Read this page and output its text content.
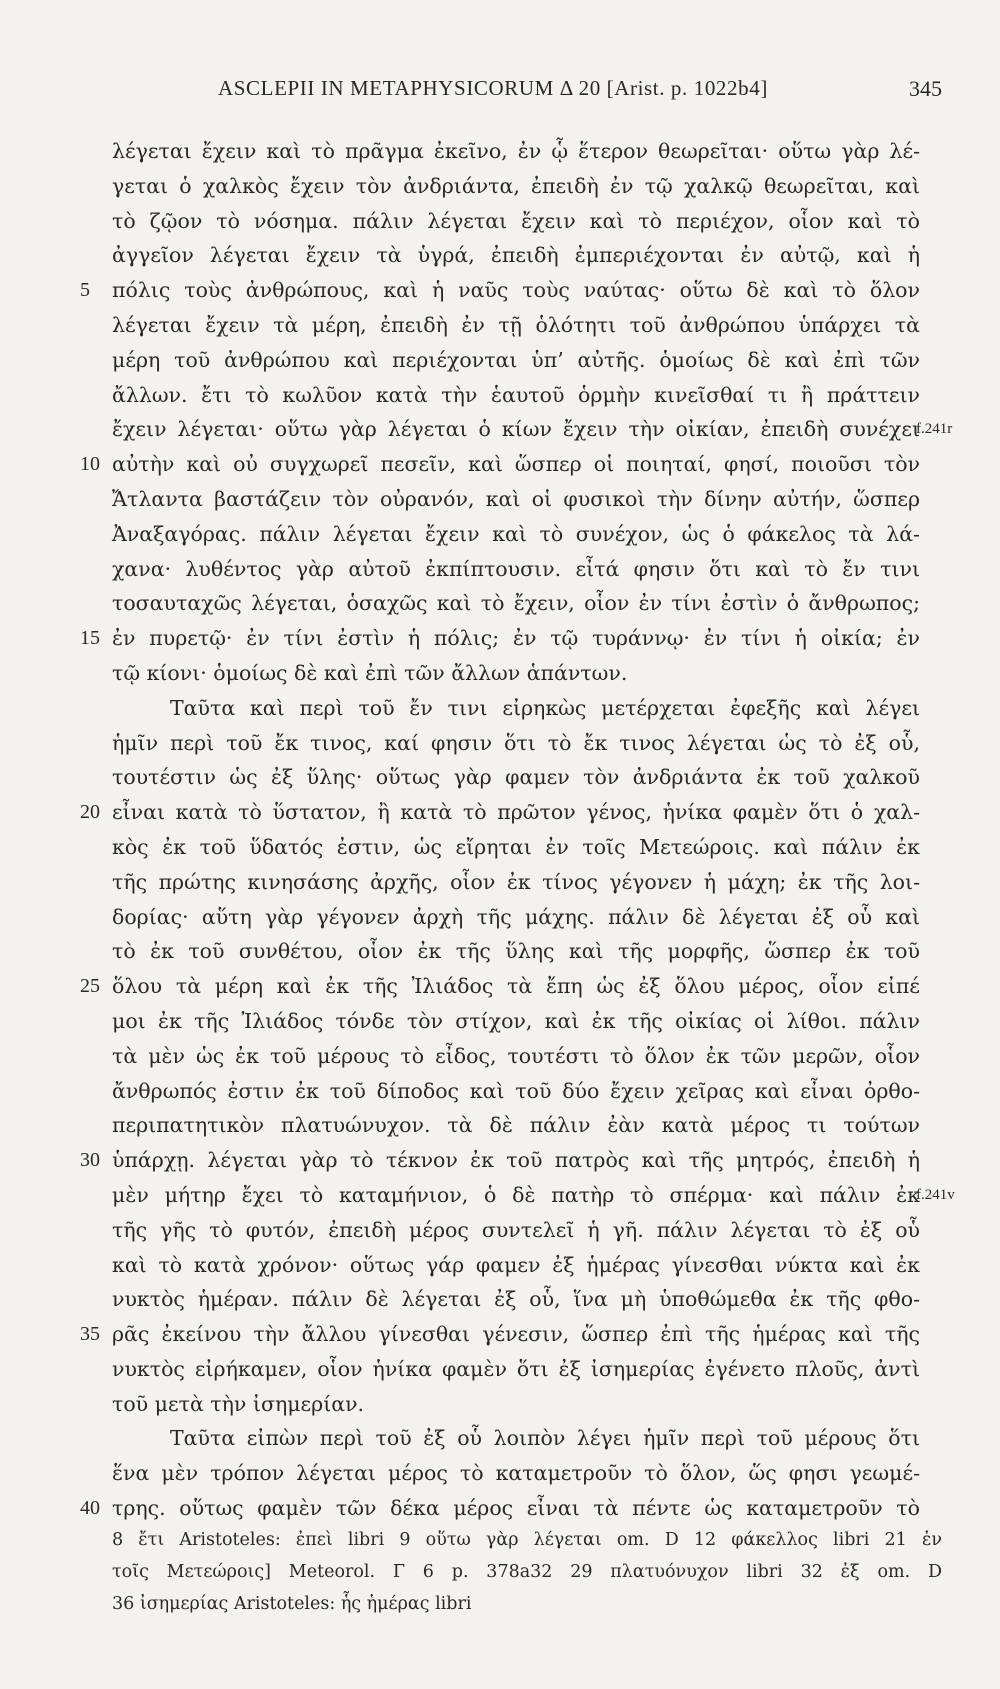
ASCLEPII IN METAPHYSICORUM Δ 20 [Arist. p. 1022b4]	345
λέγεται ἔχειν καὶ τὸ πρᾶγμα ἐκεῖνο, ἐν ᾧ ἕτερον θεωρεῖται· οὕτω γὰρ λέ-
γεται ὁ χαλκὸς ἔχειν τὸν ἀνδριάντα, ἐπειδὴ ἐν τῷ χαλκῷ θεωρεῖται, καὶ
τὸ ζῷον τὸ νόσημα. πάλιν λέγεται ἔχειν καὶ τὸ περιέχον, οἷον καὶ τὸ
ἀγγεῖον λέγεται ἔχειν τὰ ὑγρά, ἐπειδὴ ἐμπεριέχονται ἐν αὐτῷ, καὶ ἡ
5	πόλις τοὺς ἀνθρώπους, καὶ ἡ ναῦς τοὺς ναύτας· οὕτω δὲ καὶ τὸ ὅλον
λέγεται ἔχειν τὰ μέρη, ἐπειδὴ ἐν τῇ ὁλότητι τοῦ ἀνθρώπου ὑπάρχει τὰ
μέρη τοῦ ἀνθρώπου καὶ περιέχονται ὑπ’ αὐτῆς. ὁμοίως δὲ καὶ ἐπὶ τῶν
ἄλλων. ἔτι τὸ κωλῦον κατὰ τὴν ἑαυτοῦ ὁρμὴν κινεῖσθαί τι ἢ πράττειν
ἔχειν λέγεται· οὕτω γὰρ λέγεται ὁ κίων ἔχειν τὴν οἰκίαν, ἐπειδὴ συνέχει
f.241r
10 αὐτὴν καὶ οὐ συγχωρεῖ πεσεῖν, καὶ ὥσπερ οἱ ποιηταί, φησί, ποιοῦσι τὸν
Ἄτλαντα βαστάζειν τὸν οὐρανόν, καὶ οἱ φυσικοὶ τὴν δίνην αὐτήν, ὥσπερ
Ἀναξαγόρας. πάλιν λέγεται ἔχειν καὶ τὸ συνέχον, ὡς ὁ φάκελος τὰ λά-
χανα· λυθέντος γὰρ αὐτοῦ ἐκπίπτουσιν. εἶτά φησιν ὅτι καὶ τὸ ἔν τινι
τοσαυταχῶς λέγεται, ὁσαχῶς καὶ τὸ ἔχειν, οἷον ἐν τίνι ἐστὶν ὁ ἄνθρωπος;
15 ἐν πυρετῷ· ἐν τίνι ἐστὶν ἡ πόλις; ἐν τῷ τυράννῳ· ἐν τίνι ἡ οἰκία; ἐν
τῷ κίονι· ὁμοίως δὲ καὶ ἐπὶ τῶν ἄλλων ἁπάντων.
Ταῦτα καὶ περὶ τοῦ ἔν τινι εἰρηκὼς μετέρχεται ἐφεξῆς καὶ λέγει
ἡμῖν περὶ τοῦ ἔκ τινος, καί φησιν ὅτι τὸ ἔκ τινος λέγεται ὡς τὸ ἐξ οὗ,
τουτέστιν ὡς ἐξ ὕλης· οὕτως γὰρ φαμεν τὸν ἀνδριάντα ἐκ τοῦ χαλκοῦ
20 εἶναι κατὰ τὸ ὕστατον, ἢ κατὰ τὸ πρῶτον γένος, ἡνίκα φαμὲν ὅτι ὁ χαλ-
κὸς ἐκ τοῦ ὕδατός ἐστιν, ὡς εἴρηται ἐν τοῖς Μετεώροις. καὶ πάλιν ἐκ
τῆς πρώτης κινησάσης ἀρχῆς, οἷον ἐκ τίνος γέγονεν ἡ μάχη; ἐκ τῆς λοι-
δορίας· αὕτη γὰρ γέγονεν ἀρχὴ τῆς μάχης. πάλιν δὲ λέγεται ἐξ οὗ καὶ
τὸ ἐκ τοῦ συνθέτου, οἷον ἐκ τῆς ὕλης καὶ τῆς μορφῆς, ὥσπερ ἐκ τοῦ
25 ὅλου τὰ μέρη καὶ ἐκ τῆς Ἰλιάδος τὰ ἔπη ὡς ἐξ ὅλου μέρος, οἷον εἰπέ
μοι ἐκ τῆς Ἰλιάδος τόνδε τὸν στίχον, καὶ ἐκ τῆς οἰκίας οἱ λίθοι. πάλιν
τὰ μὲν ὡς ἐκ τοῦ μέρους τὸ εἶδος, τουτέστι τὸ ὅλον ἐκ τῶν μερῶν, οἷον
ἄνθρωπός ἐστιν ἐκ τοῦ δίποδος καὶ τοῦ δύο ἔχειν χεῖρας καὶ εἶναι ὀρθο-
περιπατητικὸν πλατυώνυχον. τὰ δὲ πάλιν ἐὰν κατὰ μέρος τι τούτων
30 ὑπάρχῃ. λέγεται γὰρ τὸ τέκνον ἐκ τοῦ πατρὸς καὶ τῆς μητρός, ἐπειδὴ ἡ
μὲν μήτηρ ἔχει τὸ καταμήνιον, ὁ δὲ πατὴρ τὸ σπέρμα· καὶ πάλιν ἐκ
f.241v
τῆς γῆς τὸ φυτόν, ἐπειδὴ μέρος συντελεῖ ἡ γῆ. πάλιν λέγεται τὸ ἐξ οὗ
καὶ τὸ κατὰ χρόνον· οὕτως γάρ φαμεν ἐξ ἡμέρας γίνεσθαι νύκτα καὶ ἐκ
νυκτὸς ἡμέραν. πάλιν δὲ λέγεται ἐξ οὗ, ἵνα μὴ ὑποθώμεθα ἐκ τῆς φθο-
35 ρᾶς ἐκείνου τὴν ἄλλου γίνεσθαι γένεσιν, ὥσπερ ἐπὶ τῆς ἡμέρας καὶ τῆς
νυκτὸς εἰρήκαμεν, οἷον ἡνίκα φαμὲν ὅτι ἐξ ἰσημερίας ἐγένετο πλοῦς, ἀντὶ
τοῦ μετὰ τὴν ἰσημερίαν.
Ταῦτα εἰπὼν περὶ τοῦ ἐξ οὗ λοιπὸν λέγει ἡμῖν περὶ τοῦ μέρους ὅτι
ἕνα μὲν τρόπον λέγεται μέρος τὸ καταμετροῦν τὸ ὅλον, ὥς φησι γεωμέ-
40 τρης. οὕτως φαμὲν τῶν δέκα μέρος εἶναι τὰ πέντε ὡς καταμετροῦν τὸ
8 ἔτι Aristoteles: ἐπεὶ libri 9 οὕτω γὰρ λέγεται om. D 12 φάκελλος libri 21 ἐν
τοῖς Μετεώροις] Meteorol. Γ 6 p. 378a32 29 πλατυόνυχον libri 32 ἐξ om. D
36 ἰσημερίας Aristoteles: ἧς ἡμέρας libri
